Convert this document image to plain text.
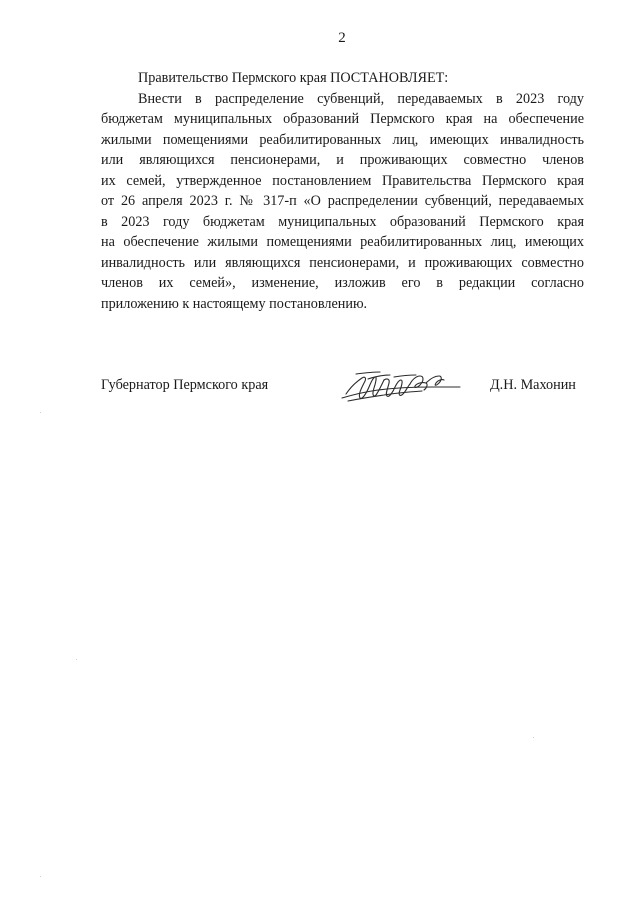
2
Правительство Пермского края ПОСТАНОВЛЯЕТ:
Внести в распределение субвенций, передаваемых в 2023 году
бюджетам муниципальных образований Пермского края на обеспечение
жилыми помещениями реабилитированных лиц, имеющих инвалидность
или являющихся пенсионерами, и проживающих совместно членов
их семей, утвержденное постановлением Правительства Пермского края
от 26 апреля 2023 г. № 317-п «О распределении субвенций, передаваемых
в 2023 году бюджетам муниципальных образований Пермского края
на обеспечение жилыми помещениями реабилитированных лиц, имеющих
инвалидность или являющихся пенсионерами, и проживающих совместно
членов их семей», изменение, изложив его в редакции согласно
приложению к настоящему постановлению.
Губернатор Пермского края	Д.Н. Махонин
